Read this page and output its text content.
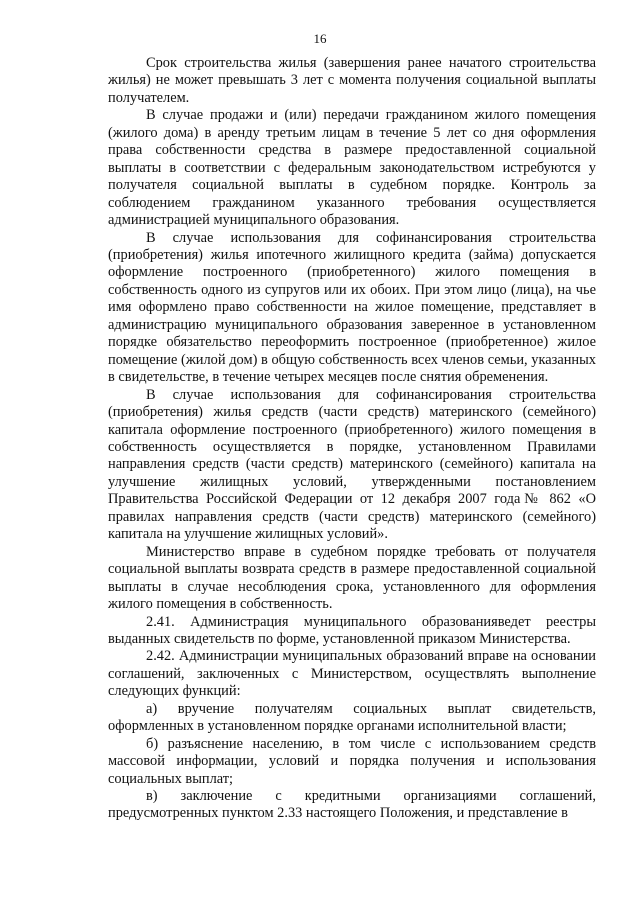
16

Срок строительства жилья (завершения ранее начатого строительства жилья) не может превышать 3 лет с момента получения социальной выплаты получателем.

В случае продажи и (или) передачи гражданином жилого помещения (жилого дома) в аренду третьим лицам в течение 5 лет со дня оформления права собственности средства в размере предоставленной социальной выплаты в соответствии с федеральным законодательством истребуются у получателя социальной выплаты в судебном порядке. Контроль за соблюдением гражданином указанного требования осуществляется администрацией муниципального образования.

В случае использования для софинансирования строительства (приобретения) жилья ипотечного жилищного кредита (займа) допускается оформление построенного (приобретенного) жилого помещения в собственность одного из супругов или их обоих. При этом лицо (лица), на чье имя оформлено право собственности на жилое помещение, представляет в администрацию муниципального образования заверенное в установленном порядке обязательство переоформить построенное (приобретенное) жилое помещение (жилой дом) в общую собственность всех членов семьи, указанных в свидетельстве, в течение четырех месяцев после снятия обременения.

В случае использования для софинансирования строительства (приобретения) жилья средств (части средств) материнского (семейного) капитала оформление построенного (приобретенного) жилого помещения в собственность осуществляется в порядке, установленном Правилами направления средств (части средств) материнского (семейного) капитала на улучшение жилищных условий, утвержденными постановлением Правительства Российской Федерации от 12 декабря 2007 года№ 862 «О правилах направления средств (части средств) материнского (семейного) капитала на улучшение жилищных условий».

Министерство вправе в судебном порядке требовать от получателя социальной выплаты возврата средств в размере предоставленной социальной выплаты в случае несоблюдения срока, установленного для оформления жилого помещения в собственность.

2.41. Администрация муниципального образованияведет реестры выданных свидетельств по форме, установленной приказом Министерства.

2.42. Администрации муниципальных образований вправе на основании соглашений, заключенных с Министерством, осуществлять выполнение следующих функций:

а) вручение получателям социальных выплат свидетельств, оформленных в установленном порядке органами исполнительной власти;

б) разъяснение населению, в том числе с использованием средств массовой информации, условий и порядка получения и использования социальных выплат;

в) заключение с кредитными организациями соглашений, предусмотренных пунктом 2.33 настоящего Положения, и представление в
